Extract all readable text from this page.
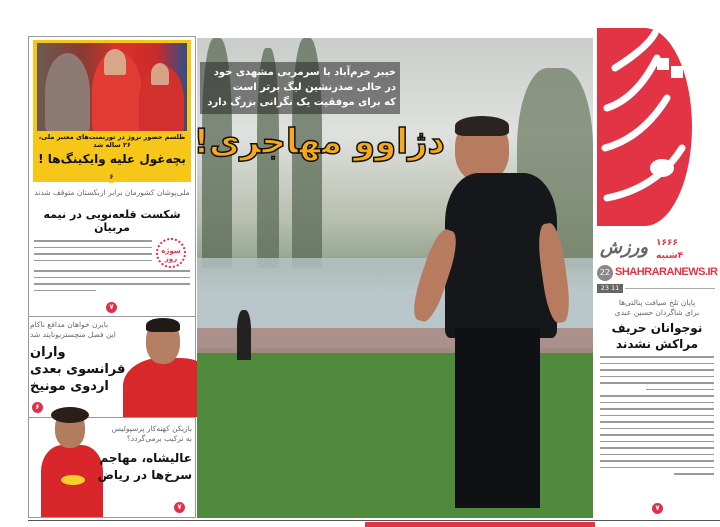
طلسم حضور نروژ در تورنمنت‌های معتبر ملی، ۲۶ ساله شد
بچه‌غول علیه وایکینگ‌ها !
۶
ملی‌پوشان کشورمان برابر ازبکستان متوقف شدند
شکست قلعه‌نویی در نیمه مربیان
سوژه روز
۷
بایرن خواهان مدافع ناکام
این فصل منچستریونایتد شد
واران
فرانسوی بعدی
اردوی مونیخ
۶
بازیکن کهنه‌کار پرسپولیس
به ترکیب برمی‌گردد؟
عالیشاه، مهاجم
سرخ‌ها در ریاض
۷
خیبر خرم‌آباد با سرمربی مشهدی خود
در حالی صدرنشین لیگ برتر است
که برای موفقیت یک نگرانی بزرگ دارد
دژاوو مهاجری!
ورزش ۱۶۶۶
۴شنبه
22 SHAHRARANEWS.IR
23 11
پایان تلخ ضیافت پنالتی‌ها
برای شاگردان حسین عبدی
نوجوانان حریف
مراکش نشدند
۷
